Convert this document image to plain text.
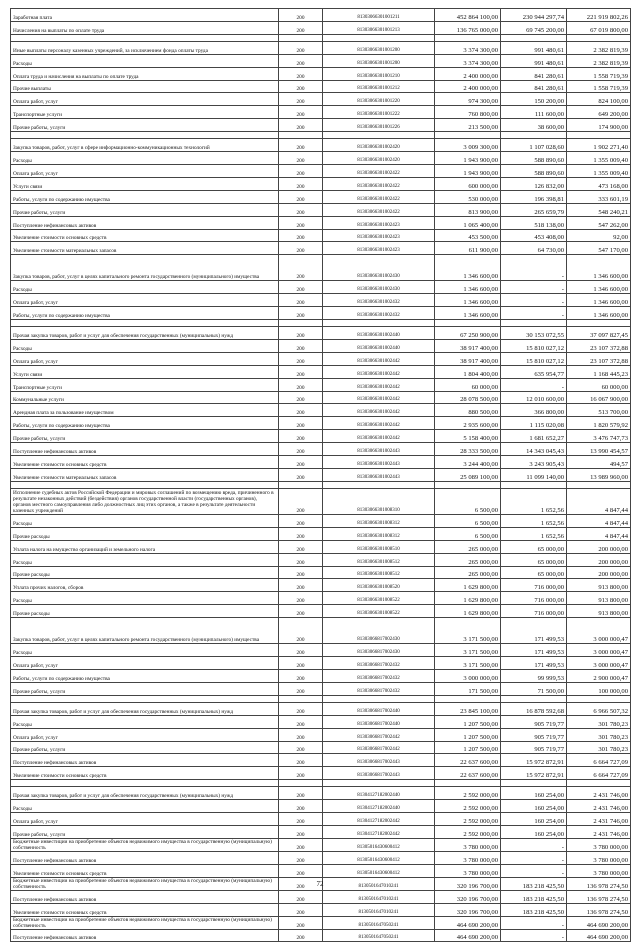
Заработная плата	200	81303066301001211	452 864 100,00	230 944 297,74	221 919 802,26
Начисления на выплаты по оплате труда	200	81303066301001213	136 765 000,00	69 745 200,00	67 019 800,00

Иные выплаты персоналу казенных учреждений, за исключением фонда оплаты труда	200	81303066301001200	3 374 300,00	991 480,61	2 382 819,39
Расходы	200	81303066301001200	3 374 300,00	991 480,61	2 382 819,39
Оплата труда и начисления на выплаты по оплате труда	200	81303066301001210	2 400 000,00	841 280,61	1 558 719,39
Прочие выплаты	200	81303066301001212	2 400 000,00	841 280,61	1 558 719,39
Оплата работ, услуг	200	81303066301001220	974 300,00	150 200,00	824 100,00
Транспортные услуги	200	81303066301001222	760 800,00	111 600,00	649 200,00
Прочие работы, услуги	200	81303066301001226	213 500,00	38 600,00	174 900,00

Закупка товаров, работ, услуг в сфере информационно-коммуникационных технологий	200	81303066301002420	3 009 300,00	1 107 028,60	1 902 271,40
Расходы	200	81303066301002420	1 943 900,00	588 890,60	1 355 009,40
Оплата работ, услуг	200	81303066301002422	1 943 900,00	588 890,60	1 355 009,40
Услуги связи	200	81303066301002422	600 000,00	126 832,00	473 168,00
Работы, услуги по содержанию имущества	200	81303066301002422	530 000,00	196 398,81	333 601,19
Прочие работы, услуги	200	81303066301002422	813 900,00	265 659,79	548 240,21
Поступление нефинансовых активов	200	81303066301002423	1 065 400,00	518 138,00	547 262,00
Увеличение стоимости основных средств	200	81303066301002423	453 500,00	453 408,00	92,00
Увеличение стоимости материальных запасов	200	81303066301002423	611 900,00	64 730,00	547 170,00
Закупка товаров, работ, услуг в целях капитального ремонта государственного (муниципального) имущества	200	81303066301002430	1 346 600,00	-	1 346 600,00
Расходы	200	81303066301002430	1 346 600,00	-	1 346 600,00
Оплата работ, услуг	200	81303066301002432	1 346 600,00	-	1 346 600,00
Работы, услуги по содержанию имущества	200	81303066301002432	1 346 600,00	-	1 346 600,00

Прочая закупка товаров, работ и услуг для обеспечения государственных (муниципальных) нужд	200	81303066301002440	67 250 900,00	30 153 072,55	37 097 827,45
Расходы	200	81303066301002440	38 917 400,00	15 810 027,12	23 107 372,88
Оплата работ, услуг	200	81303066301002442	38 917 400,00	15 810 027,12	23 107 372,88
Услуги связи	200	81303066301002442	1 804 400,00	635 954,77	1 168 445,23
Транспортные услуги	200	81303066301002442	60 000,00	-	60 000,00
Коммунальные услуги	200	81303066301002442	28 078 500,00	12 010 600,00	16 067 900,00
Арендная плата за пользование имуществом	200	81303066301002442	880 500,00	366 800,00	513 700,00
Работы, услуги по содержанию имущества	200	81303066301002442	2 935 600,00	1 115 020,08	1 820 579,92
Прочие работы, услуги	200	81303066301002442	5 158 400,00	1 681 652,27	3 476 747,73
Поступление нефинансовых активов	200	81303066301002443	28 333 500,00	14 343 045,43	13 990 454,57
Увеличение стоимости основных средств	200	81303066301002443	3 244 400,00	3 243 905,43	494,57
Увеличение стоимости материальных запасов	200	81303066301002443	25 089 100,00	11 099 140,00	13 989 960,00

Исполнение судебных актов Российской Федерации и мировых соглашений по возмещению вреда, причиненного в результате незаконных действий (бездействия) органов государственной власти (государственных органов), органов местного самоуправления либо должностных лиц этих органов, а также в результате деятельности казенных учреждений	200	81303066301008310	6 500,00	1 652,56	4 847,44
Расходы	200	81303066301008312	6 500,00	1 652,56	4 847,44
Прочие расходы	200	81303066301008312	6 500,00	1 652,56	4 847,44
Уплата налога на имущество организаций и земельного налога	200	81303066301008510	265 000,00	65 000,00	200 000,00
Расходы	200	81303066301008512	265 000,00	65 000,00	200 000,00
Прочие расходы	200	81303066301008512	265 000,00	65 000,00	200 000,00
Уплата прочих налогов, сборов	200	81303066301008520	1 629 800,00	716 000,00	913 800,00
Расходы	200	81303066301008522	1 629 800,00	716 000,00	913 800,00
Прочие расходы	200	81303066301008522	1 629 800,00	716 000,00	913 800,00
Закупка товаров, работ, услуг в целях капитального ремонта государственного (муниципального) имущества	200	81303066817002430	3 171 500,00	171 499,53	3 000 000,47
Расходы	200	81303066817002430	3 171 500,00	171 499,53	3 000 000,47
Оплата работ, услуг	200	81303066817002432	3 171 500,00	171 499,53	3 000 000,47
Работы, услуги по содержанию имущества	200	81303066817002432	3 000 000,00	99 999,53	2 900 000,47
Прочие работы, услуги	200	81303066817002432	171 500,00	71 500,00	100 000,00

Прочая закупка товаров, работ и услуг для обеспечения государственных (муниципальных) нужд	200	81303066817002440	23 845 100,00	16 878 592,68	6 966 507,32
Расходы	200	81303066817002440	1 207 500,00	905 719,77	301 780,23
Оплата работ, услуг	200	81303066817002442	1 207 500,00	905 719,77	301 780,23
Прочие работы, услуги	200	81303066817002442	1 207 500,00	905 719,77	301 780,23
Поступление нефинансовых активов	200	81303066817002443	22 637 600,00	15 972 872,91	6 664 727,09
Увеличение стоимости основных средств	200	81303066817002443	22 637 600,00	15 972 872,91	6 664 727,09

Прочая закупка товаров, работ и услуг для обеспечения государственных (муниципальных) нужд	200	81304127182002440	2 592 000,00	160 254,00	2 431 746,00
Расходы	200	81304127182002440	2 592 000,00	160 254,00	2 431 746,00
Оплата работ, услуг	200	81304127182002442	2 592 000,00	160 254,00	2 431 746,00
Прочие работы, услуги	200	81304127182002442	2 592 000,00	160 254,00	2 431 746,00
Бюджетные инвестиции на приобретение объектов недвижимого имущества в государственную (муниципальную) собственность	200	81305016430600412	3 780 000,00	-	3 780 000,00
Поступление нефинансовых активов	200	81305016430600412	3 780 000,00	-	3 780 000,00
Увеличение стоимости основных средств	200	81305016430600412	3 780 000,00	-	3 780 000,00
Бюджетные инвестиции на приобретение объектов недвижимого имущества в государственную (муниципальную) собственность	200	8130501647010241	320 196 700,00	183 218 425,50	136 978 274,50
Поступление нефинансовых активов	200	8130501647010241	320 196 700,00	183 218 425,50	136 978 274,50
Увеличение стоимости основных средств	200	8130501647010241	320 196 700,00	183 218 425,50	136 978 274,50
Бюджетные инвестиции на приобретение объектов недвижимого имущества в государственную (муниципальную) собственность	200	8130501647050241	464 690 200,00	-	464 690 200,00
Поступление нефинансовых активов	200	8130501647050241	464 690 200,00	-	464 690 200,00
72
